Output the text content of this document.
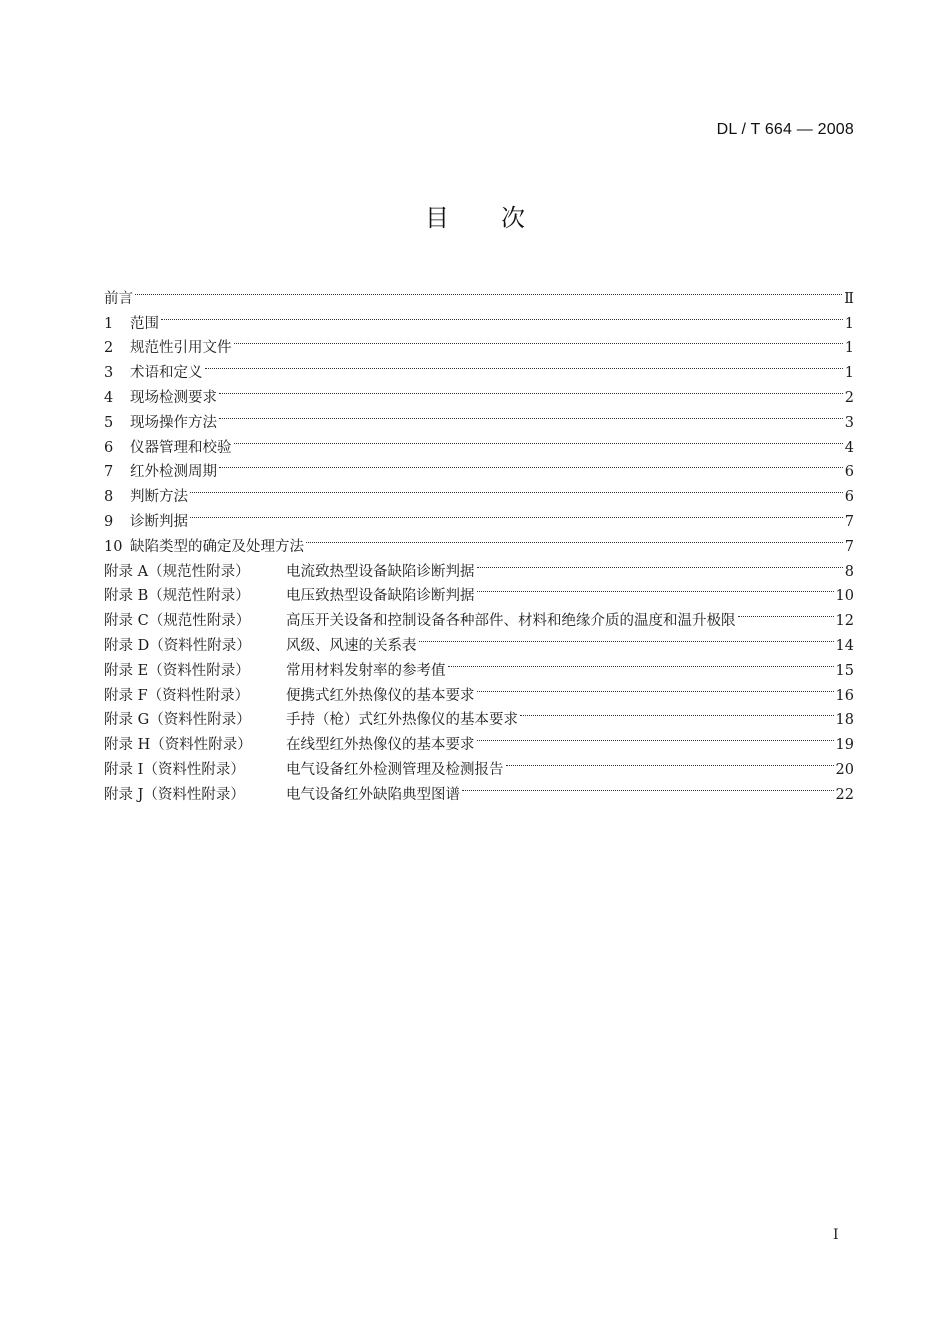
DL / T 664 — 2008
目次
前言	Ⅱ
1	范围	1
2	规范性引用文件	1
3	术语和定义	1
4	现场检测要求	2
5	现场操作方法	3
6	仪器管理和校验	4
7	红外检测周期	6
8	判断方法	6
9	诊断判据	7
10 缺陷类型的确定及处理方法	7
附录 A（规范性附录）	电流致热型设备缺陷诊断判据	8
附录 B（规范性附录）	电压致热型设备缺陷诊断判据	10
附录 C（规范性附录）	高压开关设备和控制设备各种部件、材料和绝缘介质的温度和温升极限	12
附录 D（资料性附录）	风级、风速的关系表	14
附录 E（资料性附录）	常用材料发射率的参考值	15
附录 F（资料性附录）	便携式红外热像仪的基本要求	16
附录 G（资料性附录）	手持（枪）式红外热像仪的基本要求	18
附录 H（资料性附录）	在线型红外热像仪的基本要求	19
附录 I（资料性附录）	电气设备红外检测管理及检测报告	20
附录 J（资料性附录）	电气设备红外缺陷典型图谱	22
I
